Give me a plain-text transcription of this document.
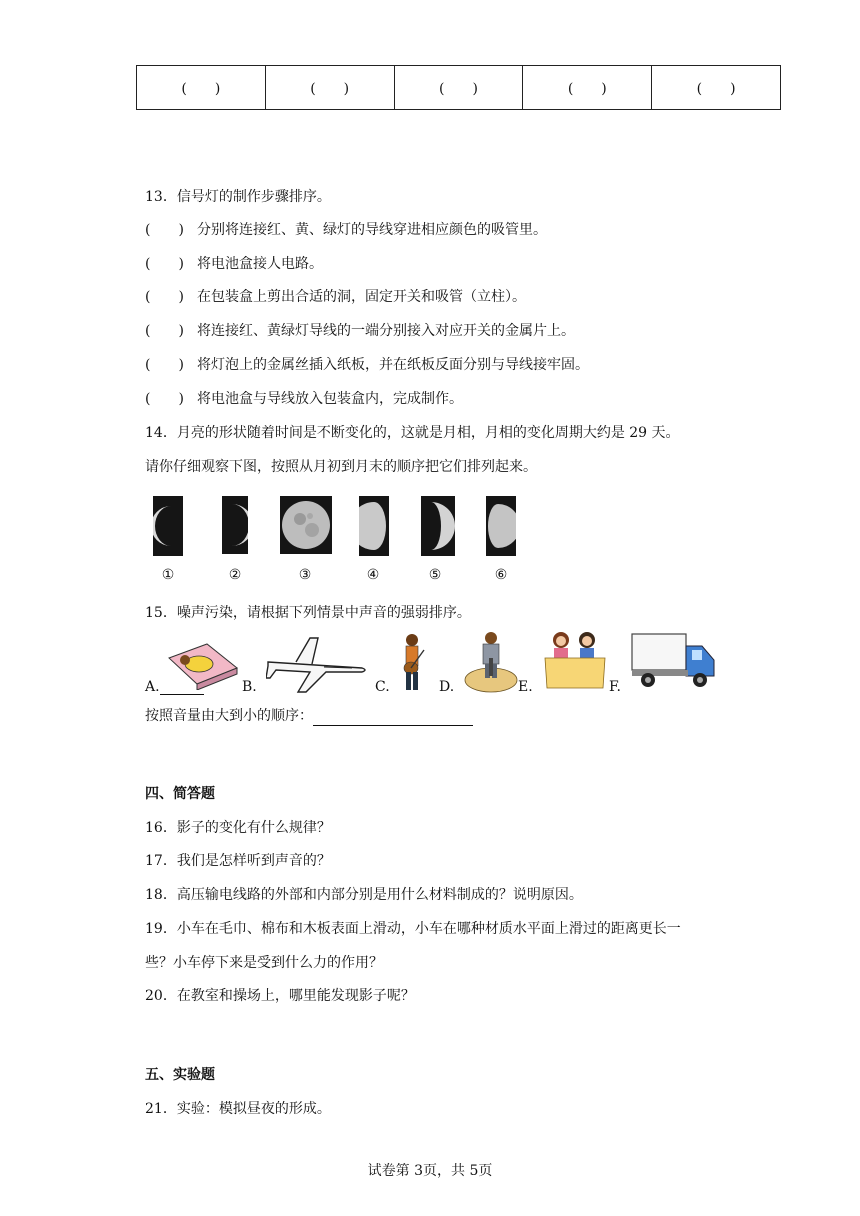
(　　)	(　　)	(　　)	(　　)	(　　)
13．信号灯的制作步骤排序。
(　　) 分别将连接红、黄、绿灯的导线穿进相应颜色的吸管里。
(　　) 将电池盒接人电路。
(　　) 在包装盒上剪出合适的洞，固定开关和吸管（立柱）。
(　　) 将连接红、黄绿灯导线的一端分别接入对应开关的金属片上。
(　　) 将灯泡上的金属丝插入纸板，并在纸板反面分别与导线接牢固。
(　　) 将电池盒与导线放入包装盒内，完成制作。
14．月亮的形状随着时间是不断变化的，这就是月相，月相的变化周期大约是 29 天。
请你仔细观察下图，按照从月初到月末的顺序把它们排列起来。
①	②	③	④	⑤	⑥
15．噪声污染，请根据下列情景中声音的强弱排序。
A.	B.	C.	D.	E.	F.
按照音量由大到小的顺序：
四、简答题
16．影子的变化有什么规律？
17．我们是怎样听到声音的？
18．高压输电线路的外部和内部分别是用什么材料制成的？说明原因。
19．小车在毛巾、棉布和木板表面上滑动，小车在哪种材质水平面上滑过的距离更长一
些？小车停下来是受到什么力的作用？
20．在教室和操场上，哪里能发现影子呢？
五、实验题
21．实验：模拟昼夜的形成。
试卷第 3页，共 5页
